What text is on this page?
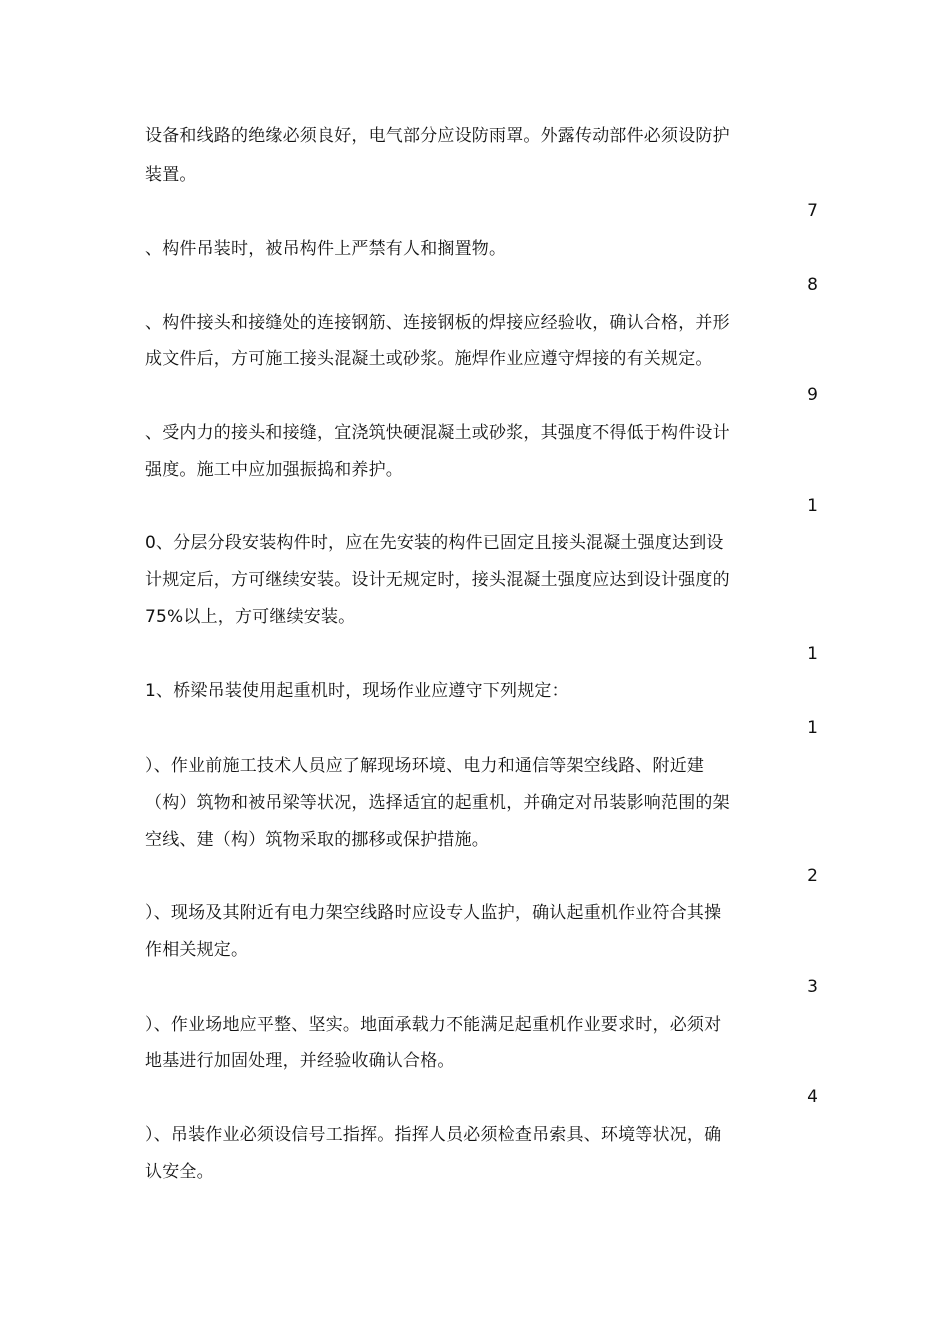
设备和线路的绝缘必须良好，电气部分应设防雨罩。外露传动部件必须设防护
装置。
7
、构件吊装时，被吊构件上严禁有人和搁置物。
8
、构件接头和接缝处的连接钢筋、连接钢板的焊接应经验收，确认合格，并形
成文件后，方可施工接头混凝土或砂浆。施焊作业应遵守焊接的有关规定。
9
、受内力的接头和接缝，宜浇筑快硬混凝土或砂浆，其强度不得低于构件设计
强度。施工中应加强振捣和养护。
1
0、分层分段安装构件时，应在先安装的构件已固定且接头混凝土强度达到设
计规定后，方可继续安装。设计无规定时，接头混凝土强度应达到设计强度的
75%以上，方可继续安装。
1
1、桥梁吊装使用起重机时，现场作业应遵守下列规定：
1
）、作业前施工技术人员应了解现场环境、电力和通信等架空线路、附近建
（构）筑物和被吊梁等状况，选择适宜的起重机，并确定对吊装影响范围的架
空线、建（构）筑物采取的挪移或保护措施。
2
）、现场及其附近有电力架空线路时应设专人监护，确认起重机作业符合其操
作相关规定。
3
）、作业场地应平整、坚实。地面承载力不能满足起重机作业要求时，必须对
地基进行加固处理，并经验收确认合格。
4
）、吊装作业必须设信号工指挥。指挥人员必须检查吊索具、环境等状况，确
认安全。
